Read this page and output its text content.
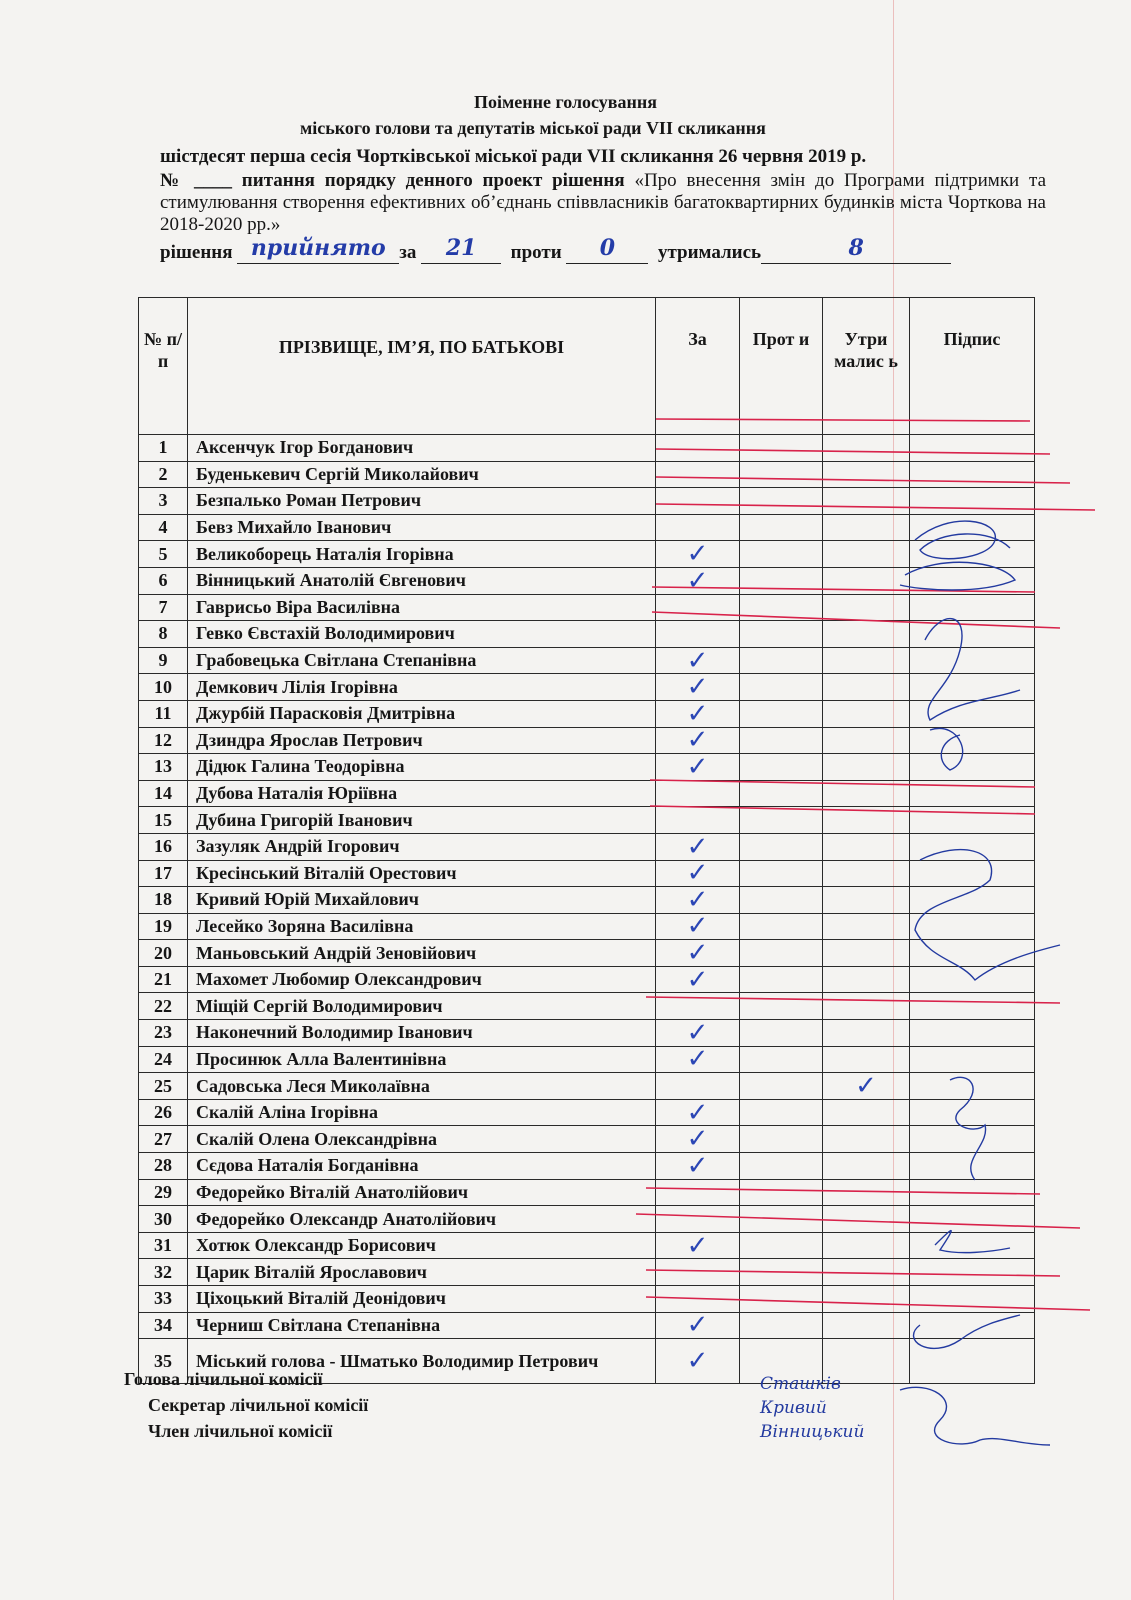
Поіменне голосування
міського голови та депутатів міської ради VII скликання
шістдесят перша сесія Чортківської міської ради VII скликання 26 червня 2019 р.
№ ____ питання порядку денного проект рішення «Про внесення змін до Програми підтримки та стимулювання створення ефективних об’єднань співвласників багатоквартирних будинків міста Чорткова на 2018-2020 рр.»
рішення прийнято за	21	проти	0	утримались	8
№ п/п	ПРІЗВИЩЕ, ІМ’Я, ПО БАТЬКОВІ	За	Прот и	Утри малис ь	Підпис
1	Аксенчук Ігор Богданович				
2	Буденькевич Сергій Миколайович				
3	Безпалько Роман Петрович				
4	Бевз Михайло Іванович				
5	Великоборець Наталія Ігорівна	✓			
6	Вінницький Анатолій Євгенович	✓			
7	Гаврисьо Віра Василівна				
8	Гевко Євстахій Володимирович				
9	Грабовецька Світлана Степанівна	✓			
10	Демкович Лілія Ігорівна	✓			
11	Джурбій Парасковія Дмитрівна	✓			
12	Дзиндра Ярослав Петрович	✓			
13	Дідюк Галина Теодорівна	✓			
14	Дубова Наталія Юріївна				
15	Дубина Григорій Іванович				
16	Зазуляк Андрій Ігорович	✓			
17	Кресінський Віталій Орестович	✓			
18	Кривий Юрій Михайлович	✓			
19	Лесейко Зоряна Василівна	✓			
20	Маньовський Андрій Зеновійович	✓			
21	Махомет Любомир Олександрович	✓			
22	Міщій Сергій Володимирович				
23	Наконечний Володимир Іванович	✓			
24	Просинюк Алла Валентинівна	✓			
25	Садовська Леся Миколаївна			✓	
26	Скалій Аліна Ігорівна	✓			
27	Скалій Олена Олександрівна	✓			
28	Сєдова Наталія Богданівна	✓			
29	Федорейко Віталій Анатолійович				
30	Федорейко Олександр Анатолійович				
31	Хотюк Олександр Борисович	✓			
32	Царик Віталій Ярославович				
33	Ціхоцький Віталій Деонідович				
34	Черниш Світлана Степанівна	✓			
35	Міський голова - Шматько Володимир Петрович	✓			
Голова лічильної комісії
Секретар лічильної комісії
Член лічильної комісії
Сташків
Кривий
Вінницький
